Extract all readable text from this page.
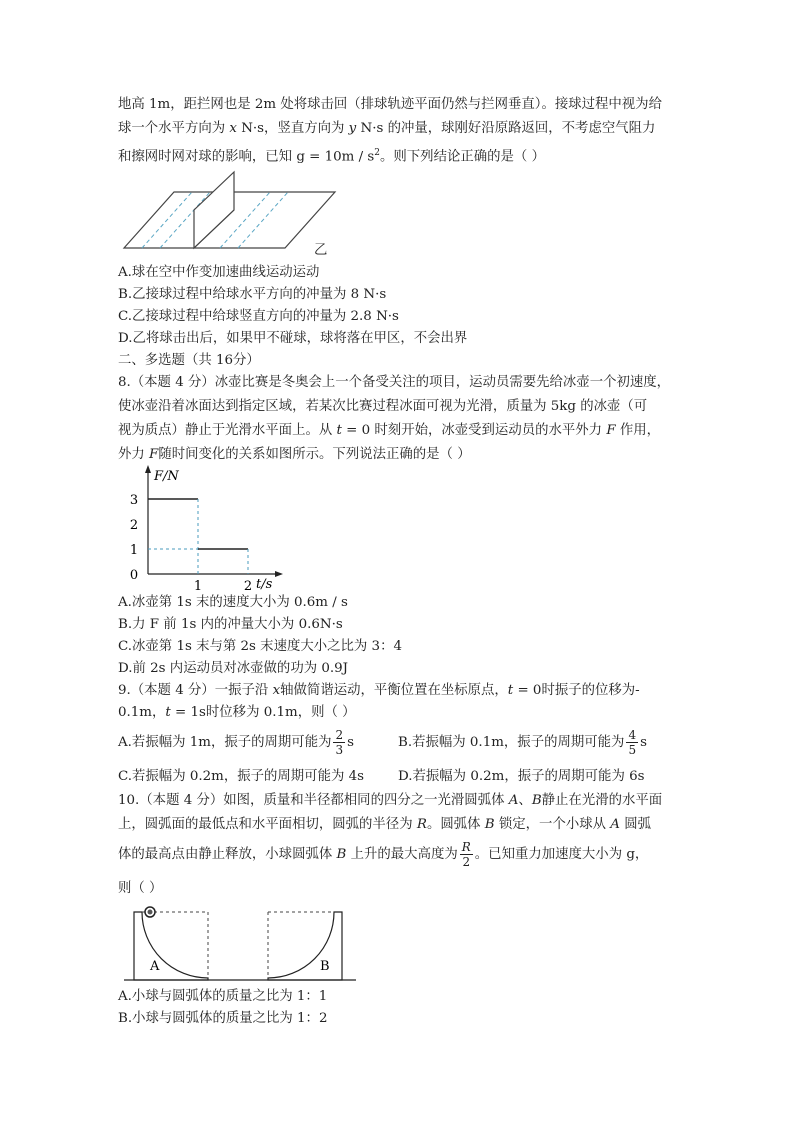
地高 1m，距拦网也是 2m 处将球击回（排球轨迹平面仍然与拦网垂直）。接球过程中视为给
球一个水平方向为 x N·s，竖直方向为 y N·s 的冲量，球刚好沿原路返回，不考虑空气阻力
和擦网时网对球的影响，已知 $g = 10m / s^2$。则下列结论正确的是（ ）
乙
A.球在空中作变加速曲线运动运动
B.乙接球过程中给球水平方向的冲量为 8 N·s
C.乙接球过程中给球竖直方向的冲量为 2.8 N·s
D.乙将球击出后，如果甲不碰球，球将落在甲区，不会出界
二、多选题（共 16分）
8.（本题 4 分）冰壶比赛是冬奥会上一个备受关注的项目，运动员需要先给冰壶一个初速度，
使冰壶沿着冰面达到指定区域，若某次比赛过程冰面可视为光滑，质量为 5kg 的冰壶（可
视为质点）静止于光滑水平面上。从 t = 0 时刻开始，冰壶受到运动员的水平外力 F 作用，
外力 F随时间变化的关系如图所示。下列说法正确的是（ ）
0
1
2
3
1	2
F/N
t/s
A.冰壶第 1s 末的速度大小为 0.6m / s
B.力 F 前 1s 内的冲量大小为 0.6N·s
C.冰壶第 1s 末与第 2s 末速度大小之比为 3：4
D.前 2s 内运动员对冰壶做的功为 0.9J
9.（本题 4 分）一振子沿 x轴做简谐运动，平衡位置在坐标原点，t = 0时振子的位移为-
0.1m，t = 1s时位移为 0.1m，则（ ）
A.若振幅为 1m，振子的周期可能为 $\frac{2}{3}$ s	B.若振幅为 0.1m，振子的周期可能为 $\frac{4}{5}$ s
C.若振幅为 0.2m，振子的周期可能为 4s	D.若振幅为 0.2m，振子的周期可能为 6s
10.（本题 4 分）如图，质量和半径都相同的四分之一光滑圆弧体 A、B静止在光滑的水平面
上，圆弧面的最低点和水平面相切，圆弧的半径为 R。圆弧体 B 锁定，一个小球从 A 圆弧
体的最高点由静止释放，小球圆弧体 B 上升的最大高度为 $\frac{R}{2}$ 。已知重力加速度大小为 g，
则（ ）
A	B
A.小球与圆弧体的质量之比为 1：1
B.小球与圆弧体的质量之比为 1：2
